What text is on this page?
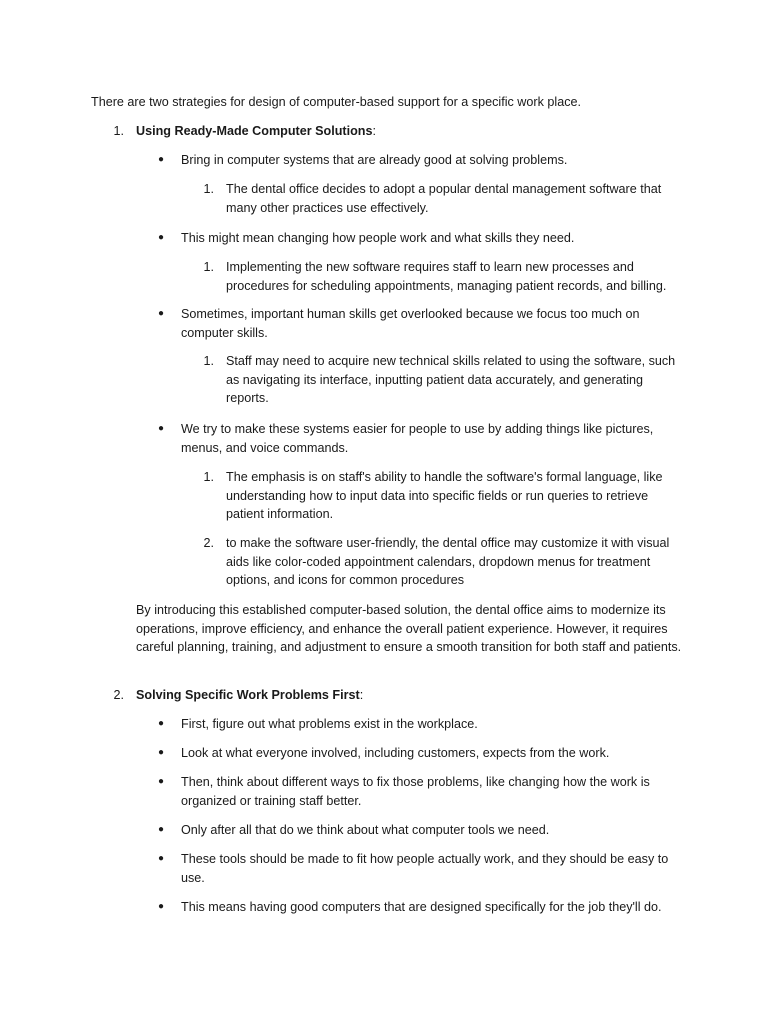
There are two strategies for design of computer-based support for a specific work place.

1. Using Ready-Made Computer Solutions:

● Bring in computer systems that are already good at solving problems.

1. The dental office decides to adopt a popular dental management software that many other practices use effectively.

● This might mean changing how people work and what skills they need.

1. Implementing the new software requires staff to learn new processes and procedures for scheduling appointments, managing patient records, and billing.

● Sometimes, important human skills get overlooked because we focus too much on computer skills.

1. Staff may need to acquire new technical skills related to using the software, such as navigating its interface, inputting patient data accurately, and generating reports.

● We try to make these systems easier for people to use by adding things like pictures, menus, and voice commands.

1. The emphasis is on staff's ability to handle the software's formal language, like understanding how to input data into specific fields or run queries to retrieve patient information.

2. to make the software user-friendly, the dental office may customize it with visual aids like color-coded appointment calendars, dropdown menus for treatment options, and icons for common procedures

By introducing this established computer-based solution, the dental office aims to modernize its operations, improve efficiency, and enhance the overall patient experience. However, it requires careful planning, training, and adjustment to ensure a smooth transition for both staff and patients.

2. Solving Specific Work Problems First:

● First, figure out what problems exist in the workplace.

● Look at what everyone involved, including customers, expects from the work.

● Then, think about different ways to fix those problems, like changing how the work is organized or training staff better.

● Only after all that do we think about what computer tools we need.

● These tools should be made to fit how people actually work, and they should be easy to use.

● This means having good computers that are designed specifically for the job they'll do.
